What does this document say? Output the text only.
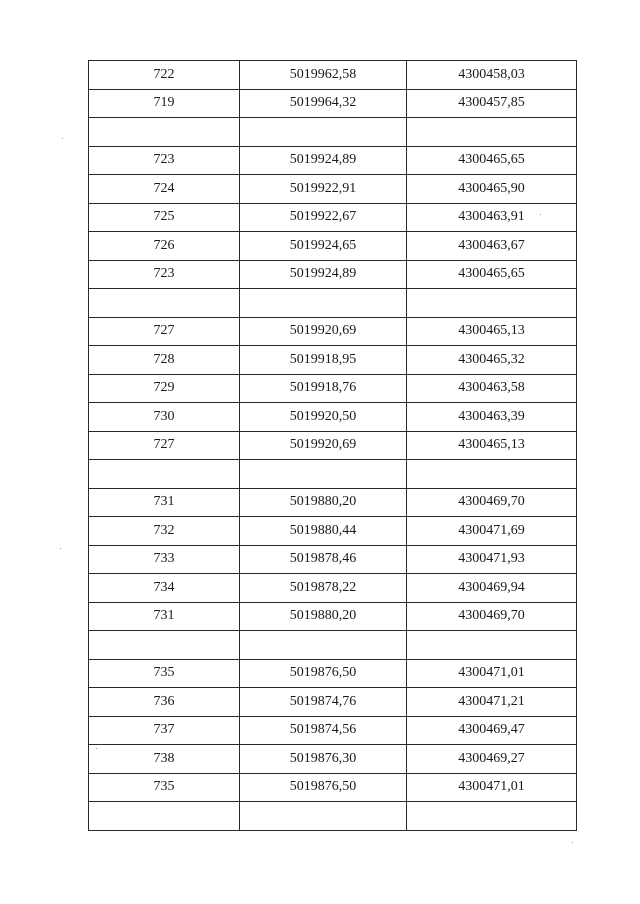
722	5019962,58	4300458,03
719	5019964,32	4300457,85

723	5019924,89	4300465,65
724	5019922,91	4300465,90
725	5019922,67	4300463,91
726	5019924,65	4300463,67
723	5019924,89	4300465,65

727	5019920,69	4300465,13
728	5019918,95	4300465,32
729	5019918,76	4300463,58
730	5019920,50	4300463,39
727	5019920,69	4300465,13

731	5019880,20	4300469,70
732	5019880,44	4300471,69
733	5019878,46	4300471,93
734	5019878,22	4300469,94
731	5019880,20	4300469,70

735	5019876,50	4300471,01
736	5019874,76	4300471,21
737	5019874,56	4300469,47
738	5019876,30	4300469,27
735	5019876,50	4300471,01
